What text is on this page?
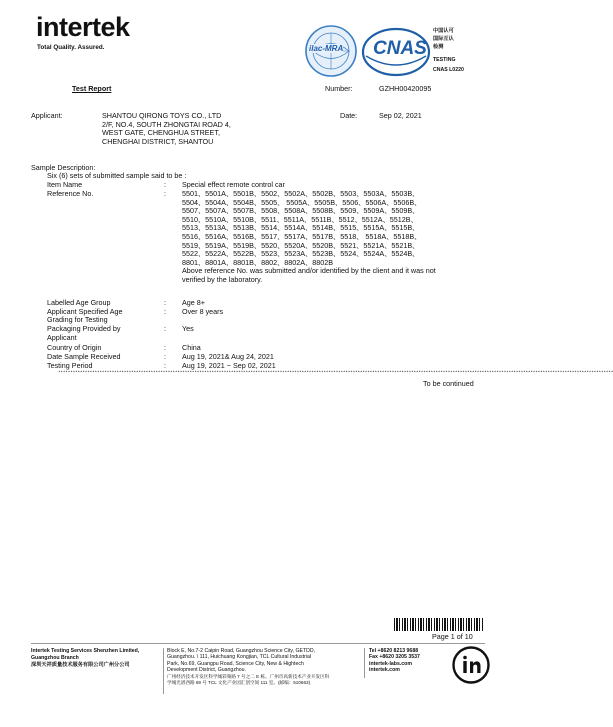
intertek
Total Quality. Assured.	ilac-MRA CNAS
中国认可
国际互认
检测
TESTING
CNAS L0220
Test Report	Number:	GZHH00420095
Applicant:	SHANTOU QIRONG TOYS CO., LTD
2/F, NO.4, SOUTH ZHONGTAI ROAD 4,
WEST GATE, CHENGHUA STREET,
CHENGHAI DISTRICT, SHANTOU
Date:	Sep 02, 2021
Sample Description:
Six (6) sets of submitted sample said to be :
Item Name	: Special effect remote control car
Reference No.	: 5501、5501A、5501B、5502、5502A、5502B、5503、5503A、5503B、
5504、5504A、5504B、5505、 5505A、5505B、5506、5506A、5506B、
5507、5507A、5507B、5508、5508A、5508B、5509、5509A、5509B、
5510、5510A、5510B、5511、5511A、5511B、5512、5512A、5512B、
5513、5513A、5513B、5514、5514A、5514B、5515、5515A、5515B、
5516、5516A、5516B、5517、5517A、5517B、5518、 5518A、5518B、
5519、5519A、5519B、5520、5520A、5520B、5521、5521A、5521B、
5522、5522A、5522B、5523、5523A、5523B、5524、5524A、5524B、
8801、8801A、8801B、8802、8802A、8802B
Above reference No. was submitted and/or identified by the client and it was not
verified by the laboratory.
Labelled Age Group	: Age 8+
Applicant Specified Age
Grading for Testing
: Over 8 years
Packaging Provided by
Applicant
: Yes
Country of Origin	: China
Date Sample Received	: Aug 19, 2021& Aug 24, 2021
Testing Period	: Aug 19, 2021 ~ Sep 02, 2021
************************************************************************************************************************************************************************************************************************************
To be continued
Page 1 of 10
Intertek Testing Services Shenzhen Limited,
Guangzhou Branch
深圳天祥质量技术服务有限公司广州分公司
Block E, No.7-2 Caipin Road, Guangzhou Science City, GETDD,
Guangzhou. \ 111, Huichuang Kongjian, TCL Cultural Industrial
Park, No.69, Guangpu Road, Science City, New & Hightech
Development District, Guangzhou.
广州经济技术开发区科学城彩频路 7 号之二 E 栋。广州市高新技术产业开发区科
学城光谱西路 69 号 TCL 文化产业园汇创空间 111 室。(邮编：510663)
Tel +8620 8213 9688
Fax +8620 3205 3537
intertek-labs.com
intertek.com
